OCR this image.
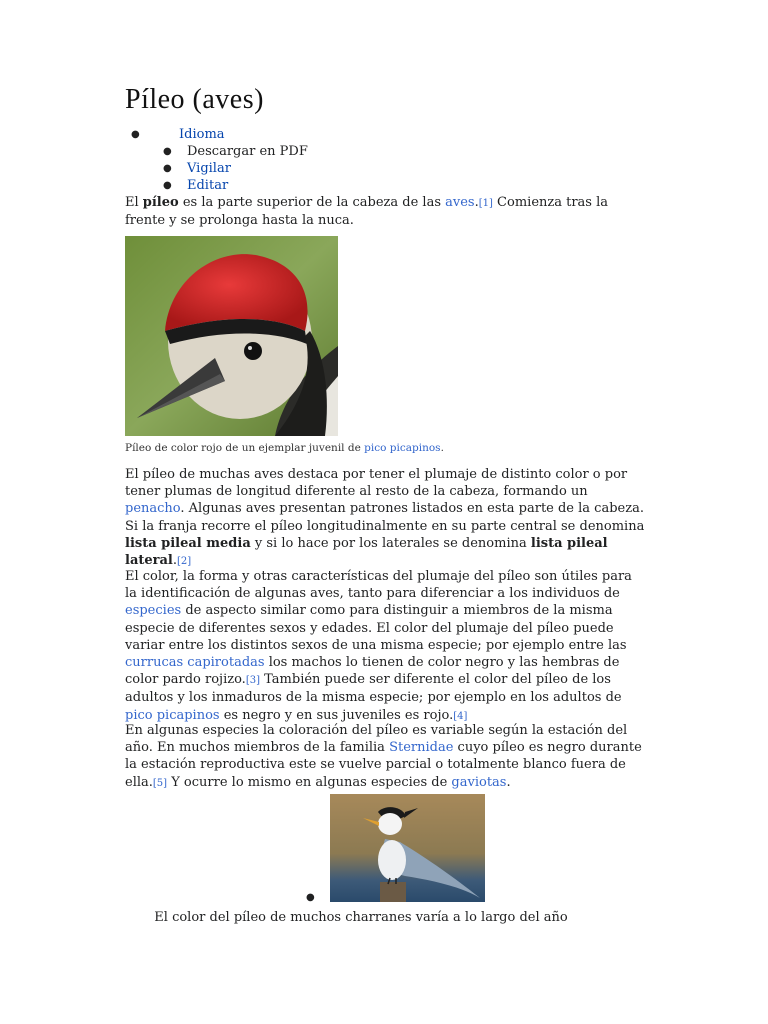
Píleo (aves)
●	Idioma
● Descargar en PDF
● Vigilar
● Editar
El píleo es la parte superior de la cabeza de las aves.[1] Comienza tras la frente y se prolonga hasta la nuca.
Píleo de color rojo de un ejemplar juvenil de pico picapinos.
El píleo de muchas aves destaca por tener el plumaje de distinto color o por tener plumas de longitud diferente al resto de la cabeza, formando un penacho. Algunas aves presentan patrones listados en esta parte de la cabeza. Si la franja recorre el píleo longitudinalmente en su parte central se denomina lista pileal media y si lo hace por los laterales se denomina lista pileal lateral.[2]
El color, la forma y otras características del plumaje del píleo son útiles para la identificación de algunas aves, tanto para diferenciar a los individuos de especies de aspecto similar como para distinguir a miembros de la misma especie de diferentes sexos y edades. El color del plumaje del píleo puede variar entre los distintos sexos de una misma especie; por ejemplo entre las currucas capirotadas los machos lo tienen de color negro y las hembras de color pardo rojizo.[3] También puede ser diferente el color del píleo de los adultos y los inmaduros de la misma especie; por ejemplo en los adultos de pico picapinos es negro y en sus juveniles es rojo.[4]
En algunas especies la coloración del píleo es variable según la estación del año. En muchos miembros de la familia Sternidae cuyo píleo es negro durante la estación reproductiva este se vuelve parcial o totalmente blanco fuera de ella.[5] Y ocurre lo mismo en algunas especies de gaviotas.
●
El color del píleo de muchos charranes varía a lo largo del año
